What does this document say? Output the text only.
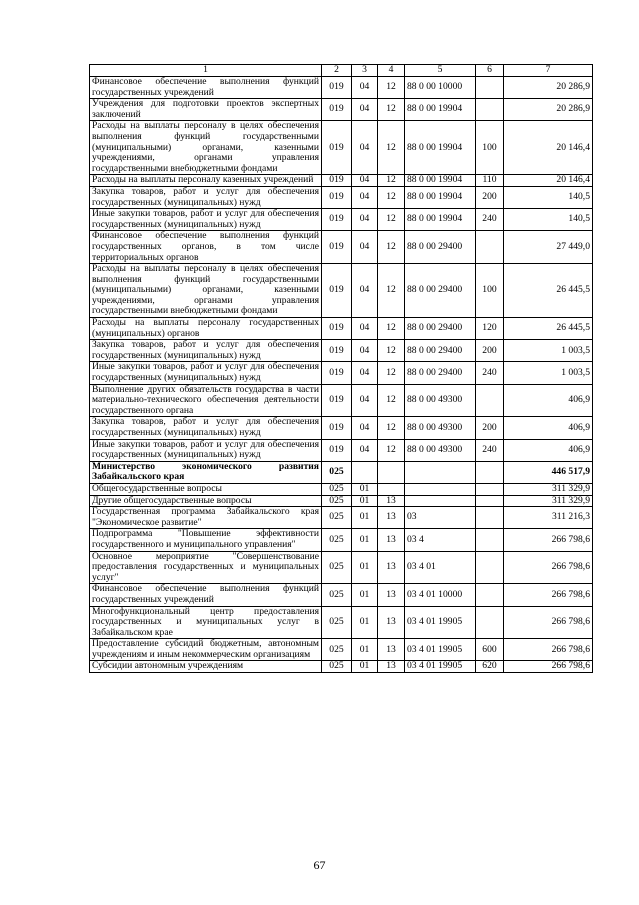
1	2	3	4	5	6	7
Финансовое обеспечение выполнения функций государственных учреждений	019	04	12	88 0 00 10000		20 286,9
Учреждения для подготовки проектов экспертных заключений	019	04	12	88 0 00 19904		20 286,9
Расходы на выплаты персоналу в целях обеспечения выполнения функций государственными (муниципальными) органами, казенными учреждениями, органами управления государственными внебюджетными фондами	019	04	12	88 0 00 19904	100	20 146,4
Расходы на выплаты персоналу казенных учреждений	019	04	12	88 0 00 19904	110	20 146,4
Закупка товаров, работ и услуг для обеспечения государственных (муниципальных) нужд	019	04	12	88 0 00 19904	200	140,5
Иные закупки товаров, работ и услуг для обеспечения государственных (муниципальных) нужд	019	04	12	88 0 00 19904	240	140,5
Финансовое обеспечение выполнения функций государственных органов, в том числе территориальных органов	019	04	12	88 0 00 29400		27 449,0
Расходы на выплаты персоналу в целях обеспечения выполнения функций государственными (муниципальными) органами, казенными учреждениями, органами управления государственными внебюджетными фондами	019	04	12	88 0 00 29400	100	26 445,5
Расходы на выплаты персоналу государственных (муниципальных) органов	019	04	12	88 0 00 29400	120	26 445,5
Закупка товаров, работ и услуг для обеспечения государственных (муниципальных) нужд	019	04	12	88 0 00 29400	200	1 003,5
Иные закупки товаров, работ и услуг для обеспечения государственных (муниципальных) нужд	019	04	12	88 0 00 29400	240	1 003,5
Выполнение других обязательств государства в части материально-технического обеспечения деятельности государственного органа	019	04	12	88 0 00 49300		406,9
Закупка товаров, работ и услуг для обеспечения государственных (муниципальных) нужд	019	04	12	88 0 00 49300	200	406,9
Иные закупки товаров, работ и услуг для обеспечения государственных (муниципальных) нужд	019	04	12	88 0 00 49300	240	406,9
Министерство экономического развития Забайкальского края	025					446 517,9
Общегосударственные вопросы	025	01				311 329,9
Другие общегосударственные вопросы	025	01	13			311 329,9
Государственная программа Забайкальского края "Экономическое развитие"	025	01	13	03		311 216,3
Подпрограмма "Повышение эффективности государственного и муниципального управления"	025	01	13	03 4		266 798,6
Основное мероприятие "Совершенствование предоставления государственных и муниципальных услуг"	025	01	13	03 4 01		266 798,6
Финансовое обеспечение выполнения функций государственных учреждений	025	01	13	03 4 01 10000		266 798,6
Многофункциональный центр предоставления государственных и муниципальных услуг в Забайкальском крае	025	01	13	03 4 01 19905		266 798,6
Предоставление субсидий бюджетным, автономным учреждениям и иным некоммерческим организациям	025	01	13	03 4 01 19905	600	266 798,6
Субсидии автономным учреждениям	025	01	13	03 4 01 19905	620	266 798,6
67
